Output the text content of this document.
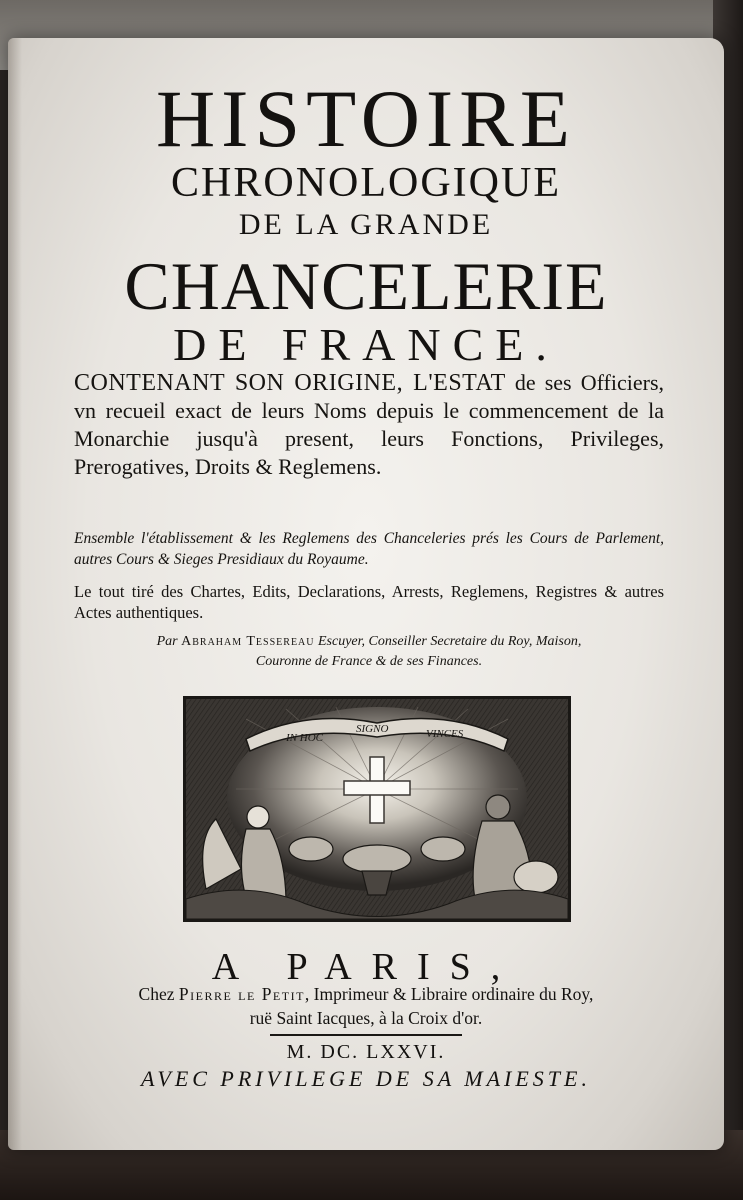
HISTOIRE
CHRONOLOGIQUE
DE LA GRANDE
CHANCELERIE
DE FRANCE.
CONTENANT SON ORIGINE, L'ESTAT de ses Officiers, vn recueil exact de leurs Noms depuis le commencement de la Monarchie jusqu'à present, leurs Fonctions, Privileges, Prerogatives, Droits & Reglemens.
Ensemble l'établissement & les Reglemens des Chanceleries prés les Cours de Parlement, autres Cours & Sieges Presidiaux du Royaume.
Le tout tiré des Chartes, Edits, Declarations, Arrests, Reglemens, Registres & autres Actes authentiques.
Par Abraham Tessereau Escuyer, Conseiller Secretaire du Roy, Maison,
Couronne de France & de ses Finances.
IN HOC
SIGNO	VINCES
A PARIS,
Chez Pierre le Petit, Imprimeur & Libraire ordinaire du Roy,
ruë Saint Iacques, à la Croix d'or.
M. DC. LXXVI.
AVEC PRIVILEGE DE SA MAIESTE.
